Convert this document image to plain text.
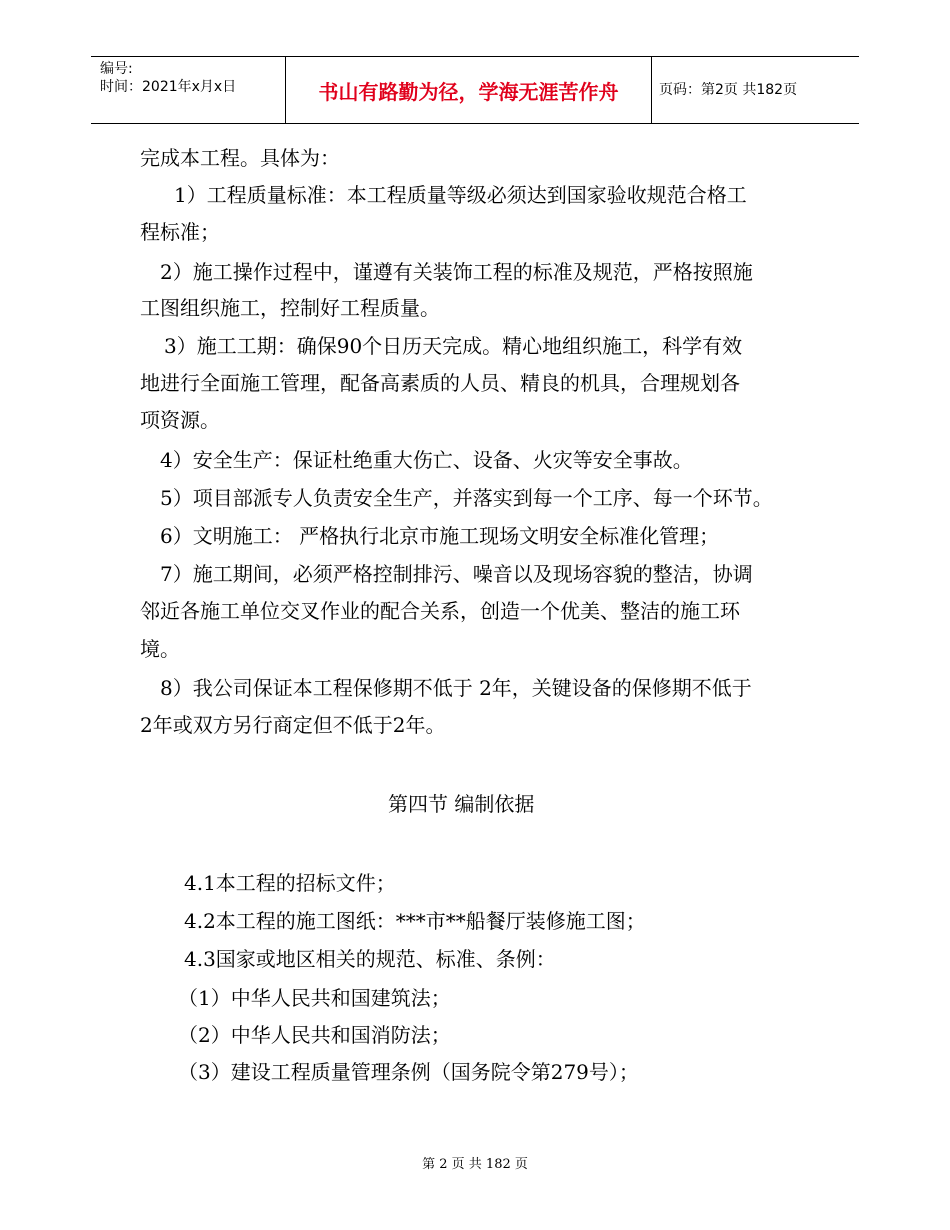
编号:
时间：2021年x月x日	书山有路勤为径，学海无涯苦作舟	页码：第2页 共182页
完成本工程。具体为：
1）工程质量标准：本工程质量等级必须达到国家验收规范合格工
程标准；
2）施工操作过程中，谨遵有关装饰工程的标准及规范，严格按照施
工图组织施工，控制好工程质量。
3）施工工期：确保90个日历天完成。精心地组织施工，科学有效
地进行全面施工管理，配备高素质的人员、精良的机具，合理规划各
项资源。
4）安全生产：保证杜绝重大伤亡、设备、火灾等安全事故。
5）项目部派专人负责安全生产，并落实到每一个工序、每一个环节。
6）文明施工： 严格执行北京市施工现场文明安全标准化管理；
7）施工期间，必须严格控制排污、噪音以及现场容貌的整洁，协调
邻近各施工单位交叉作业的配合关系，创造一个优美、整洁的施工环
境。
8）我公司保证本工程保修期不低于 2年，关键设备的保修期不低于
2年或双方另行商定但不低于2年。
第四节 编制依据
4.1本工程的招标文件；
4.2本工程的施工图纸：***市**船餐厅装修施工图；
4.3国家或地区相关的规范、标准、条例：
（1）中华人民共和国建筑法；
（2）中华人民共和国消防法；
（3）建设工程质量管理条例（国务院令第279号）；
第 2 页 共 182 页
